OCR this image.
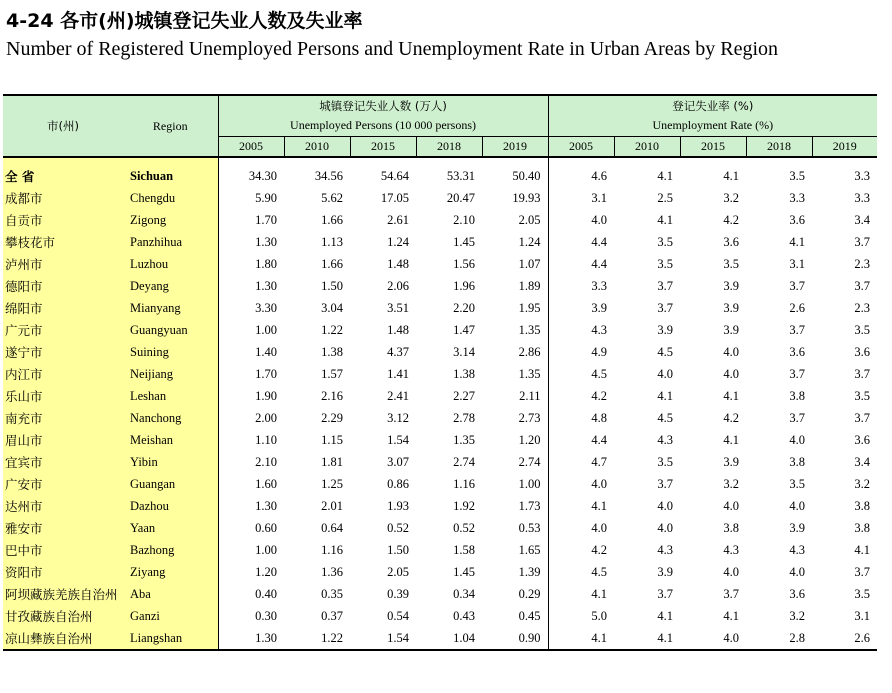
4-24 各市(州)城镇登记失业人数及失业率
Number of Registered Unemployed Persons and Unemployment Rate in Urban Areas by Region
市(州)	Region	城镇登记失业人数 (万人)					登记失业率 (%)				
		Unemployed Persons (10 000 persons)					Unemployment Rate (%)				
		2005	2010	2015	2018	2019	2005	2010	2015	2018	2019

全 省	Sichuan	34.30	34.56	54.64	53.31	50.40	4.6	4.1	4.1	3.5	3.3
成都市	Chengdu	5.90	5.62	17.05	20.47	19.93	3.1	2.5	3.2	3.3	3.3
自贡市	Zigong	1.70	1.66	2.61	2.10	2.05	4.0	4.1	4.2	3.6	3.4
攀枝花市	Panzhihua	1.30	1.13	1.24	1.45	1.24	4.4	3.5	3.6	4.1	3.7
泸州市	Luzhou	1.80	1.66	1.48	1.56	1.07	4.4	3.5	3.5	3.1	2.3
德阳市	Deyang	1.30	1.50	2.06	1.96	1.89	3.3	3.7	3.9	3.7	3.7
绵阳市	Mianyang	3.30	3.04	3.51	2.20	1.95	3.9	3.7	3.9	2.6	2.3
广元市	Guangyuan	1.00	1.22	1.48	1.47	1.35	4.3	3.9	3.9	3.7	3.5
遂宁市	Suining	1.40	1.38	4.37	3.14	2.86	4.9	4.5	4.0	3.6	3.6
内江市	Neijiang	1.70	1.57	1.41	1.38	1.35	4.5	4.0	4.0	3.7	3.7
乐山市	Leshan	1.90	2.16	2.41	2.27	2.11	4.2	4.1	4.1	3.8	3.5
南充市	Nanchong	2.00	2.29	3.12	2.78	2.73	4.8	4.5	4.2	3.7	3.7
眉山市	Meishan	1.10	1.15	1.54	1.35	1.20	4.4	4.3	4.1	4.0	3.6
宜宾市	Yibin	2.10	1.81	3.07	2.74	2.74	4.7	3.5	3.9	3.8	3.4
广安市	Guangan	1.60	1.25	0.86	1.16	1.00	4.0	3.7	3.2	3.5	3.2
达州市	Dazhou	1.30	2.01	1.93	1.92	1.73	4.1	4.0	4.0	4.0	3.8
雅安市	Yaan	0.60	0.64	0.52	0.52	0.53	4.0	4.0	3.8	3.9	3.8
巴中市	Bazhong	1.00	1.16	1.50	1.58	1.65	4.2	4.3	4.3	4.3	4.1
资阳市	Ziyang	1.20	1.36	2.05	1.45	1.39	4.5	3.9	4.0	4.0	3.7
阿坝藏族羌族自治州	Aba	0.40	0.35	0.39	0.34	0.29	4.1	3.7	3.7	3.6	3.5
甘孜藏族自治州	Ganzi	0.30	0.37	0.54	0.43	0.45	5.0	4.1	4.1	3.2	3.1
凉山彝族自治州	Liangshan	1.30	1.22	1.54	1.04	0.90	4.1	4.1	4.0	2.8	2.6
